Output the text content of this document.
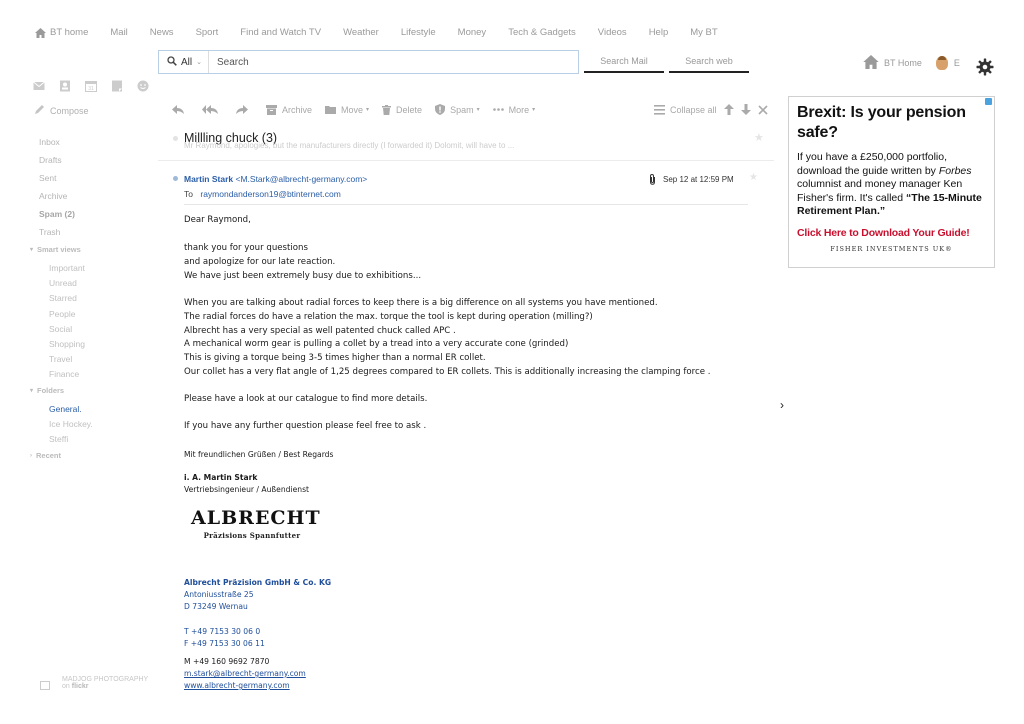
BT home Mail News Sport Find and Watch TV Weather Lifestyle Money Tech & Gadgets Videos Help My BT
All ⌄
Search	Search Mail	Search web	BT Home	E
31
Compose
Inbox
Drafts
Sent
Archive
Spam (2)
Trash
▾ Smart views
Important
Unread
Starred
People
Social
Shopping
Travel
Finance
▾ Folders
General.
Ice Hockey.
Steffi
› Recent
MADJOG PHOTOGRAPHY
on flickr
Archive	Move ▾	Delete	Spam ▾	More ▾	Collapse all
Millling chuck (3)	★
Mr Raymond, apologies, but the manufacturers directly (I forwarded it) Dolomit, will have to ...
Martin Stark <M.Stark@albrecht-germany.com>
To raymondanderson19@btinternet.com
Sep 12 at 12:59 PM ★
Dear Raymond,
thank you for your questions
and apologize for our late reaction.
We have just been extremely busy due to exhibitions...
When you are talking about radial forces to keep there is a big difference on all systems you have mentioned.
The radial forces do have a relation the max. torque the tool is kept during operation (milling?)
Albrecht has a very special as well patented chuck called APC .
A mechanical worm gear is pulling a collet by a tread into a very accurate cone (grinded)
This is giving a torque being 3-5 times higher than a normal ER collet.
Our collet has a very flat angle of 1,25 degrees compared to ER collets. This is additionally increasing the clamping force .
Please have a look at our catalogue to find more details.
If you have any further question please feel free to ask .
Mit freundlichen Grüßen / Best Regards
i. A. Martin Stark
Vertriebsingenieur / Außendienst
ALBRECHT
Präzisions Spannfutter
Albrecht Präzision GmbH & Co. KG
Antoniusstraße 25
D 73249 Wernau
T +49 7153 30 06 0
F +49 7153 30 06 11
M +49 160 9692 7870
m.stark@albrecht-germany.com
www.albrecht-germany.com
›
Brexit: Is your pension safe?
If you have a £250,000 portfolio, download the guide written by Forbes columnist and money manager Ken Fisher's firm. It's called “The 15-Minute Retirement Plan.”
Click Here to Download Your Guide!
FISHER INVESTMENTS UK®
